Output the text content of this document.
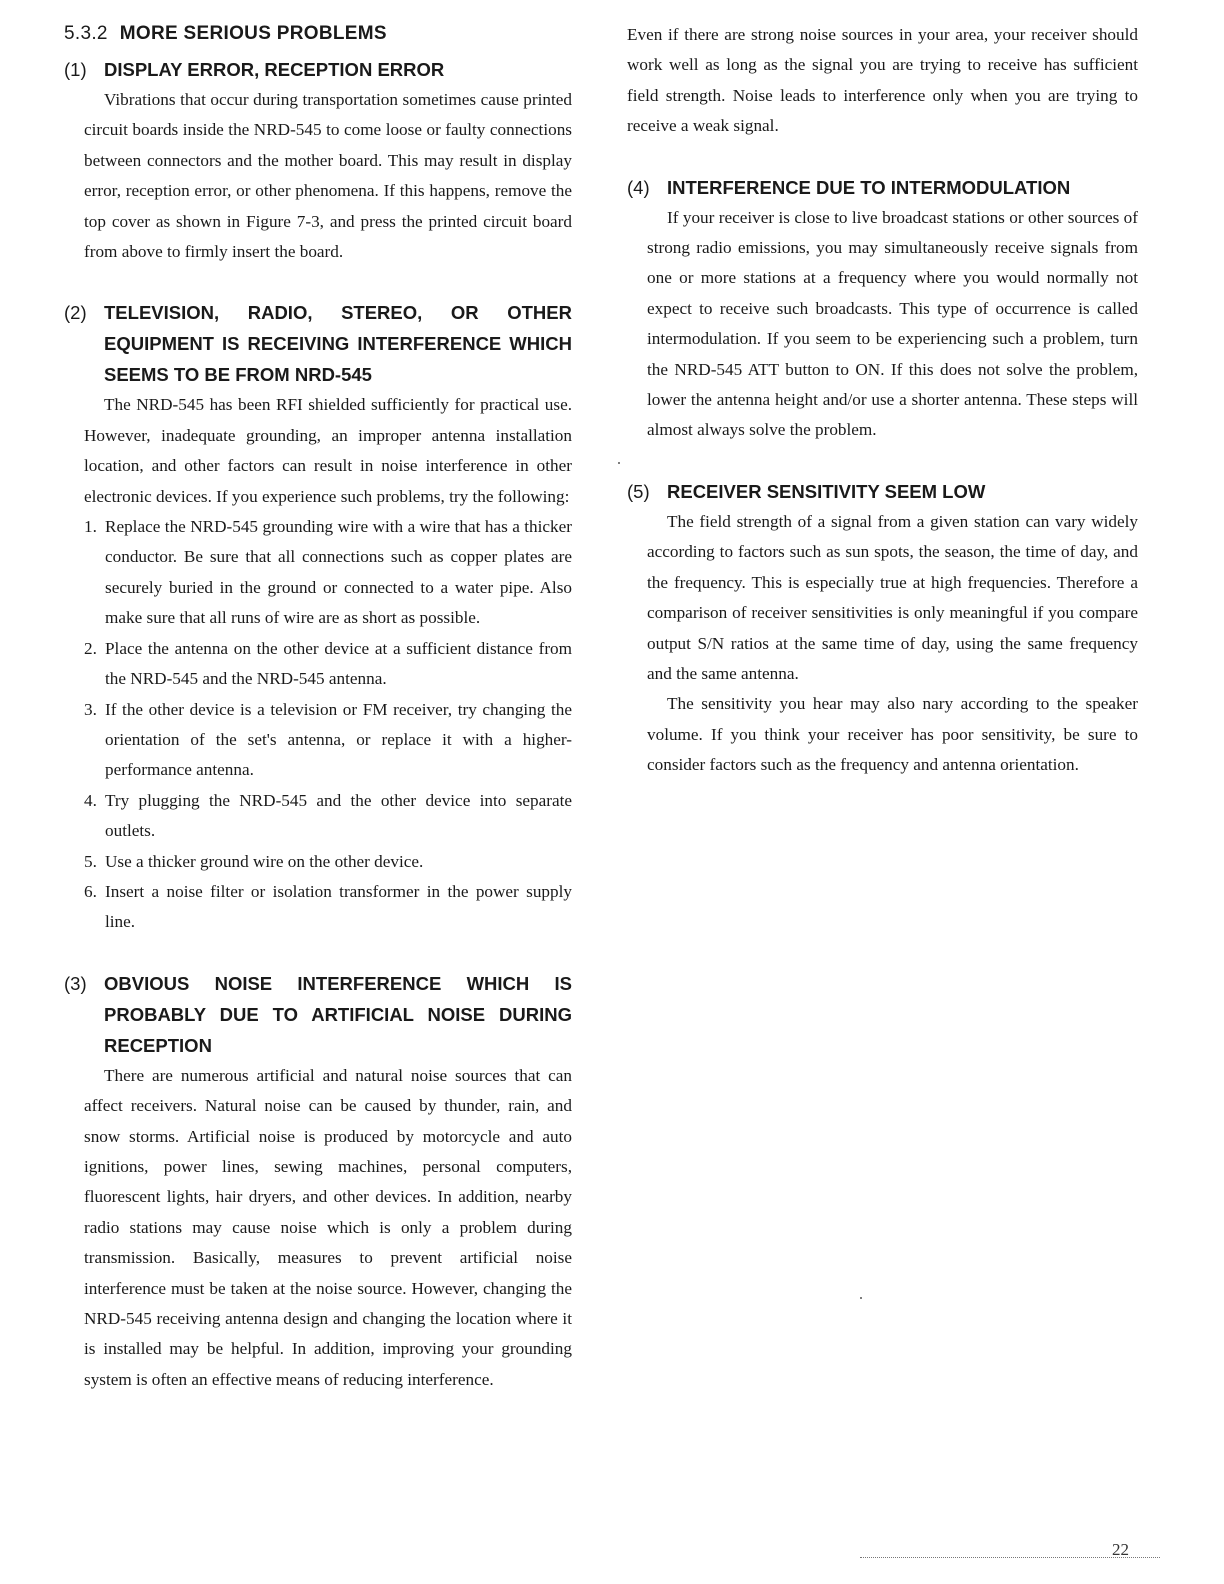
5.3.2 MORE SERIOUS PROBLEMS
(1) DISPLAY ERROR, RECEPTION ERROR

Vibrations that occur during transportation sometimes cause printed circuit boards inside the NRD-545 to come loose or faulty connections between connectors and the mother board. This may result in display error, reception error, or other phenomena. If this happens, remove the top cover as shown in Figure 7-3, and press the printed circuit board from above to firmly insert the board.

(2) TELEVISION, RADIO, STEREO, OR OTHER EQUIPMENT IS RECEIVING INTERFERENCE WHICH SEEMS TO BE FROM NRD-545

The NRD-545 has been RFI shielded sufficiently for practical use. However, inadequate grounding, an improper antenna installation location, and other factors can result in noise interference in other electronic devices. If you experience such problems, try the following:

1. Replace the NRD-545 grounding wire with a wire that has a thicker conductor. Be sure that all connections such as copper plates are securely buried in the ground or connected to a water pipe. Also make sure that all runs of wire are as short as possible.
2. Place the antenna on the other device at a sufficient distance from the NRD-545 and the NRD-545 antenna.
3. If the other device is a television or FM receiver, try changing the orientation of the set's antenna, or replace it with a higher-performance antenna.
4. Try plugging the NRD-545 and the other device into separate outlets.
5. Use a thicker ground wire on the other device.
6. Insert a noise filter or isolation transformer in the power supply line.
(3) OBVIOUS NOISE INTERFERENCE WHICH IS PROBABLY DUE TO ARTIFICIAL NOISE DURING RECEPTION

There are numerous artificial and natural noise sources that can affect receivers. Natural noise can be caused by thunder, rain, and snow storms. Artificial noise is produced by motorcycle and auto ignitions, power lines, sewing machines, personal computers, fluorescent lights, hair dryers, and other devices. In addition, nearby radio stations may cause noise which is only a problem during transmission. Basically, measures to prevent artificial noise interference must be taken at the noise source. However, changing the NRD-545 receiving antenna design and changing the location where it is installed may be helpful. In addition, improving your grounding system is often an effective means of reducing interference.

Even if there are strong noise sources in your area, your receiver should work well as long as the signal you are trying to receive has sufficient field strength. Noise leads to interference only when you are trying to receive a weak signal.

(4) INTERFERENCE DUE TO INTERMODULATION

If your receiver is close to live broadcast stations or other sources of strong radio emissions, you may simultaneously receive signals from one or more stations at a frequency where you would normally not expect to receive such broadcasts. This type of occurrence is called intermodulation. If you seem to be experiencing such a problem, turn the NRD-545 ATT button to ON. If this does not solve the problem, lower the antenna height and/or use a shorter antenna. These steps will almost always solve the problem.

(5) RECEIVER SENSITIVITY SEEM LOW

The field strength of a signal from a given station can vary widely according to factors such as sun spots, the season, the time of day, and the frequency. This is especially true at high frequencies. Therefore a comparison of receiver sensitivities is only meaningful if you compare output S/N ratios at the same time of day, using the same frequency and the same antenna.

The sensitivity you hear may also nary according to the speaker volume. If you think your receiver has poor sensitivity, be sure to consider factors such as the frequency and antenna orientation.

22
